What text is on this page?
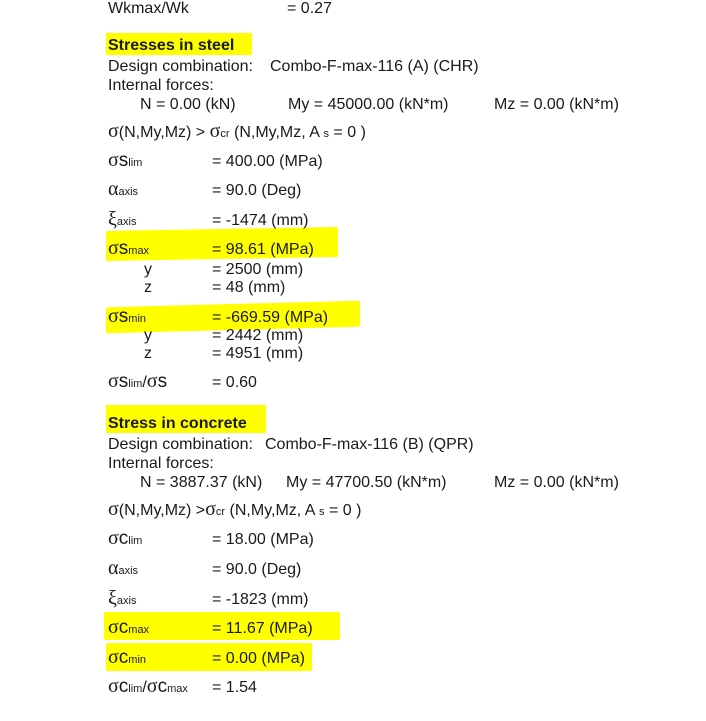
Wkmax/Wk	= 0.27
Stresses in steel
Design combination: Combo-F-max-116 (A) (CHR)
Internal forces:
N = 0.00 (kN)	My = 45000.00 (kN*m)	Mz = 0.00 (kN*m)
σ(N,My,Mz) > σcr (N,My,Mz, A s = 0 )
σslim	= 400.00 (MPa)
αaxis	= 90.0 (Deg)
ξaxis	= -1474 (mm)
σsmax	= 98.61 (MPa)
y	= 2500 (mm)
z	= 48 (mm)
σsmin	= -669.59 (MPa)
y	= 2442 (mm)
z	= 4951 (mm)
σslim/σs	= 0.60
Stress in concrete
Design combination: Combo-F-max-116 (B) (QPR)
Internal forces:
N = 3887.37 (kN) My = 47700.50 (kN*m)	Mz = 0.00 (kN*m)
σ(N,My,Mz) >σcr (N,My,Mz, A s = 0 )
σclim	= 18.00 (MPa)
αaxis	= 90.0 (Deg)
ξaxis	= -1823 (mm)
σcmax	= 11.67 (MPa)
σcmin	= 0.00 (MPa)
σclim/σcmax = 1.54
